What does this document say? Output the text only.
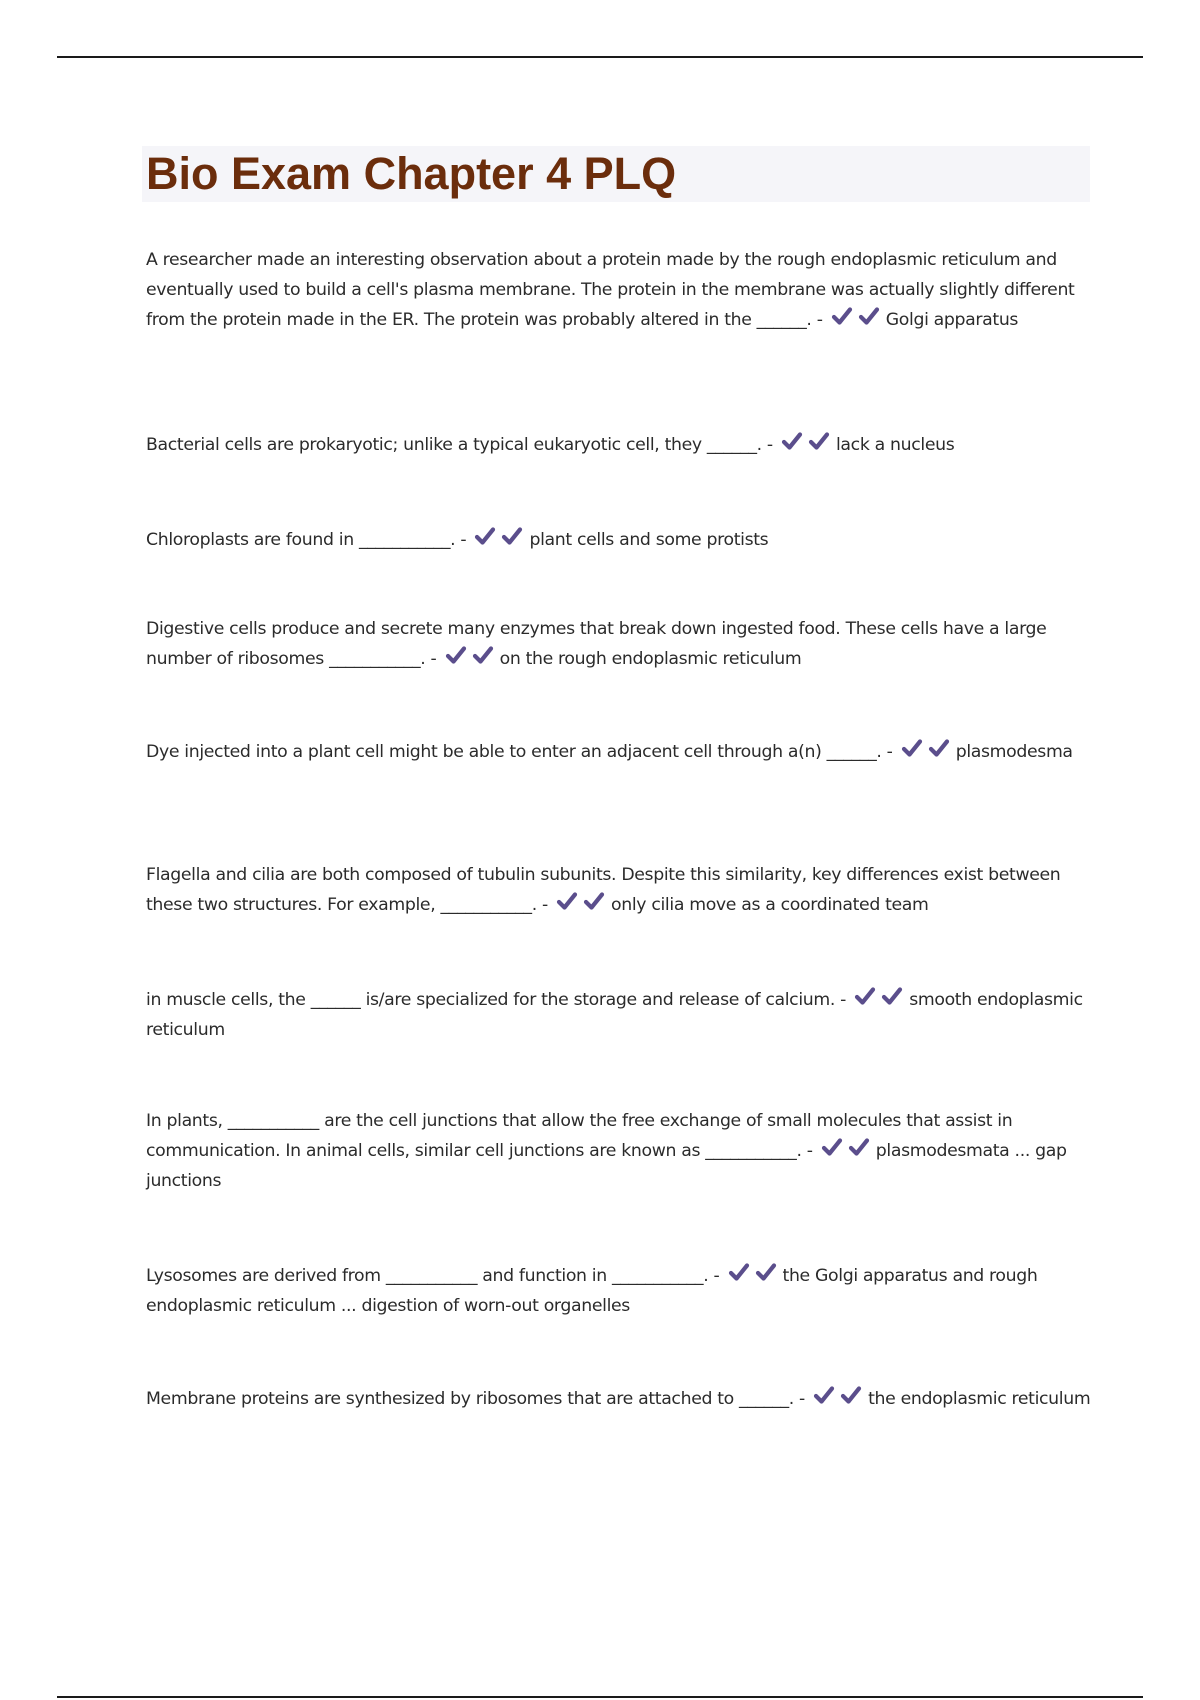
Bio Exam Chapter 4 PLQ

A researcher made an interesting observation about a protein made by the rough endoplasmic reticulum and eventually used to build a cell's plasma membrane. The protein in the membrane was actually slightly different from the protein made in the ER. The protein was probably altered in the ______. -	Golgi apparatus

Bacterial cells are prokaryotic; unlike a typical eukaryotic cell, they ______. -	lack a nucleus

Chloroplasts are found in ___________. -	plant cells and some protists

Digestive cells produce and secrete many enzymes that break down ingested food. These cells have a large number of ribosomes ___________. -	on the rough endoplasmic reticulum

Dye injected into a plant cell might be able to enter an adjacent cell through a(n) ______. -	plasmodesma

Flagella and cilia are both composed of tubulin subunits. Despite this similarity, key differences exist between these two structures. For example, ___________. -	only cilia move as a coordinated team

in muscle cells, the ______ is/are specialized for the storage and release of calcium. -	smooth endoplasmic reticulum

In plants, ___________ are the cell junctions that allow the free exchange of small molecules that assist in communication. In animal cells, similar cell junctions are known as ___________. -	plasmodesmata ... gap junctions

Lysosomes are derived from ___________ and function in ___________. -	the Golgi apparatus and rough endoplasmic reticulum ... digestion of worn-out organelles

Membrane proteins are synthesized by ribosomes that are attached to ______. -	the endoplasmic reticulum
